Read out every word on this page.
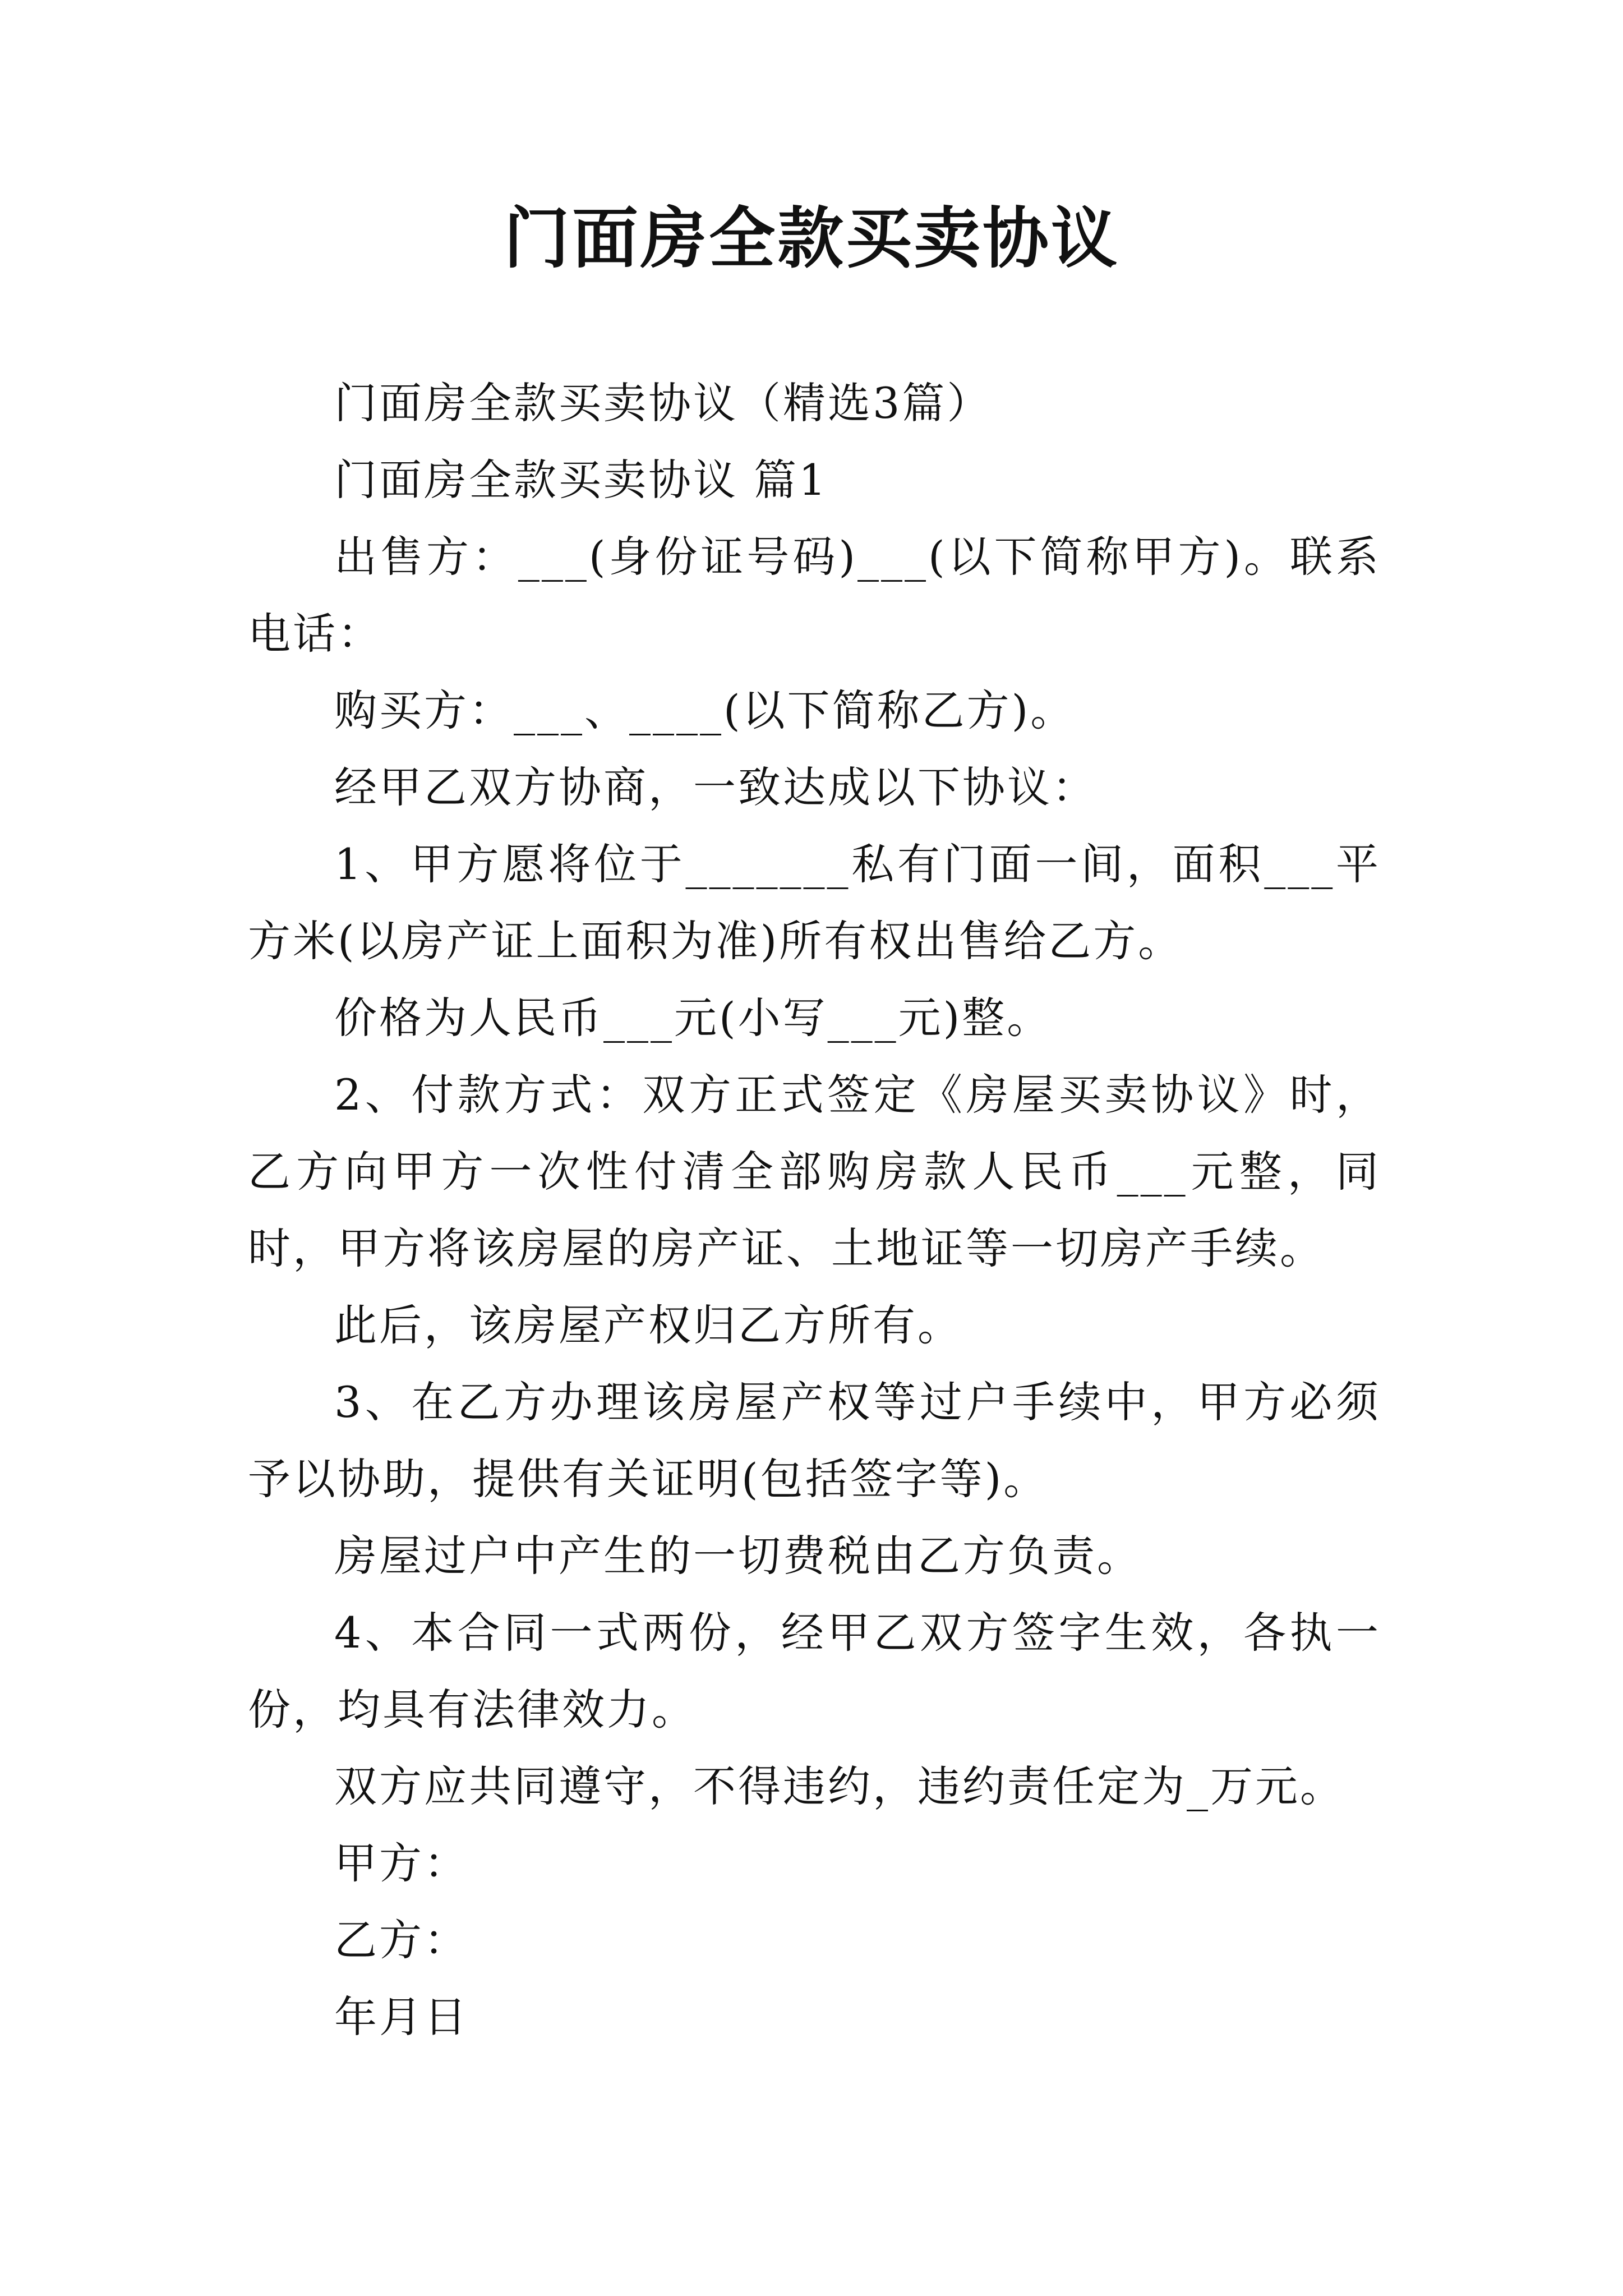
门面房全款买卖协议

门面房全款买卖协议（精选3篇）

门面房全款买卖协议 篇1

出售方：___(身份证号码)___(以下简称甲方)。联系电话：

购买方：___、____(以下简称乙方)。

经甲乙双方协商，一致达成以下协议：

1、甲方愿将位于_______私有门面一间，面积___平方米(以房产证上面积为准)所有权出售给乙方。

价格为人民币___元(小写___元)整。

2、付款方式：双方正式签定《房屋买卖协议》时，乙方向甲方一次性付清全部购房款人民币___元整，同时，甲方将该房屋的房产证、土地证等一切房产手续。

此后，该房屋产权归乙方所有。

3、在乙方办理该房屋产权等过户手续中，甲方必须予以协助，提供有关证明(包括签字等)。

房屋过户中产生的一切费税由乙方负责。

4、本合同一式两份，经甲乙双方签字生效，各执一份，均具有法律效力。

双方应共同遵守，不得违约，违约责任定为_万元。

甲方：

乙方：

年月日
